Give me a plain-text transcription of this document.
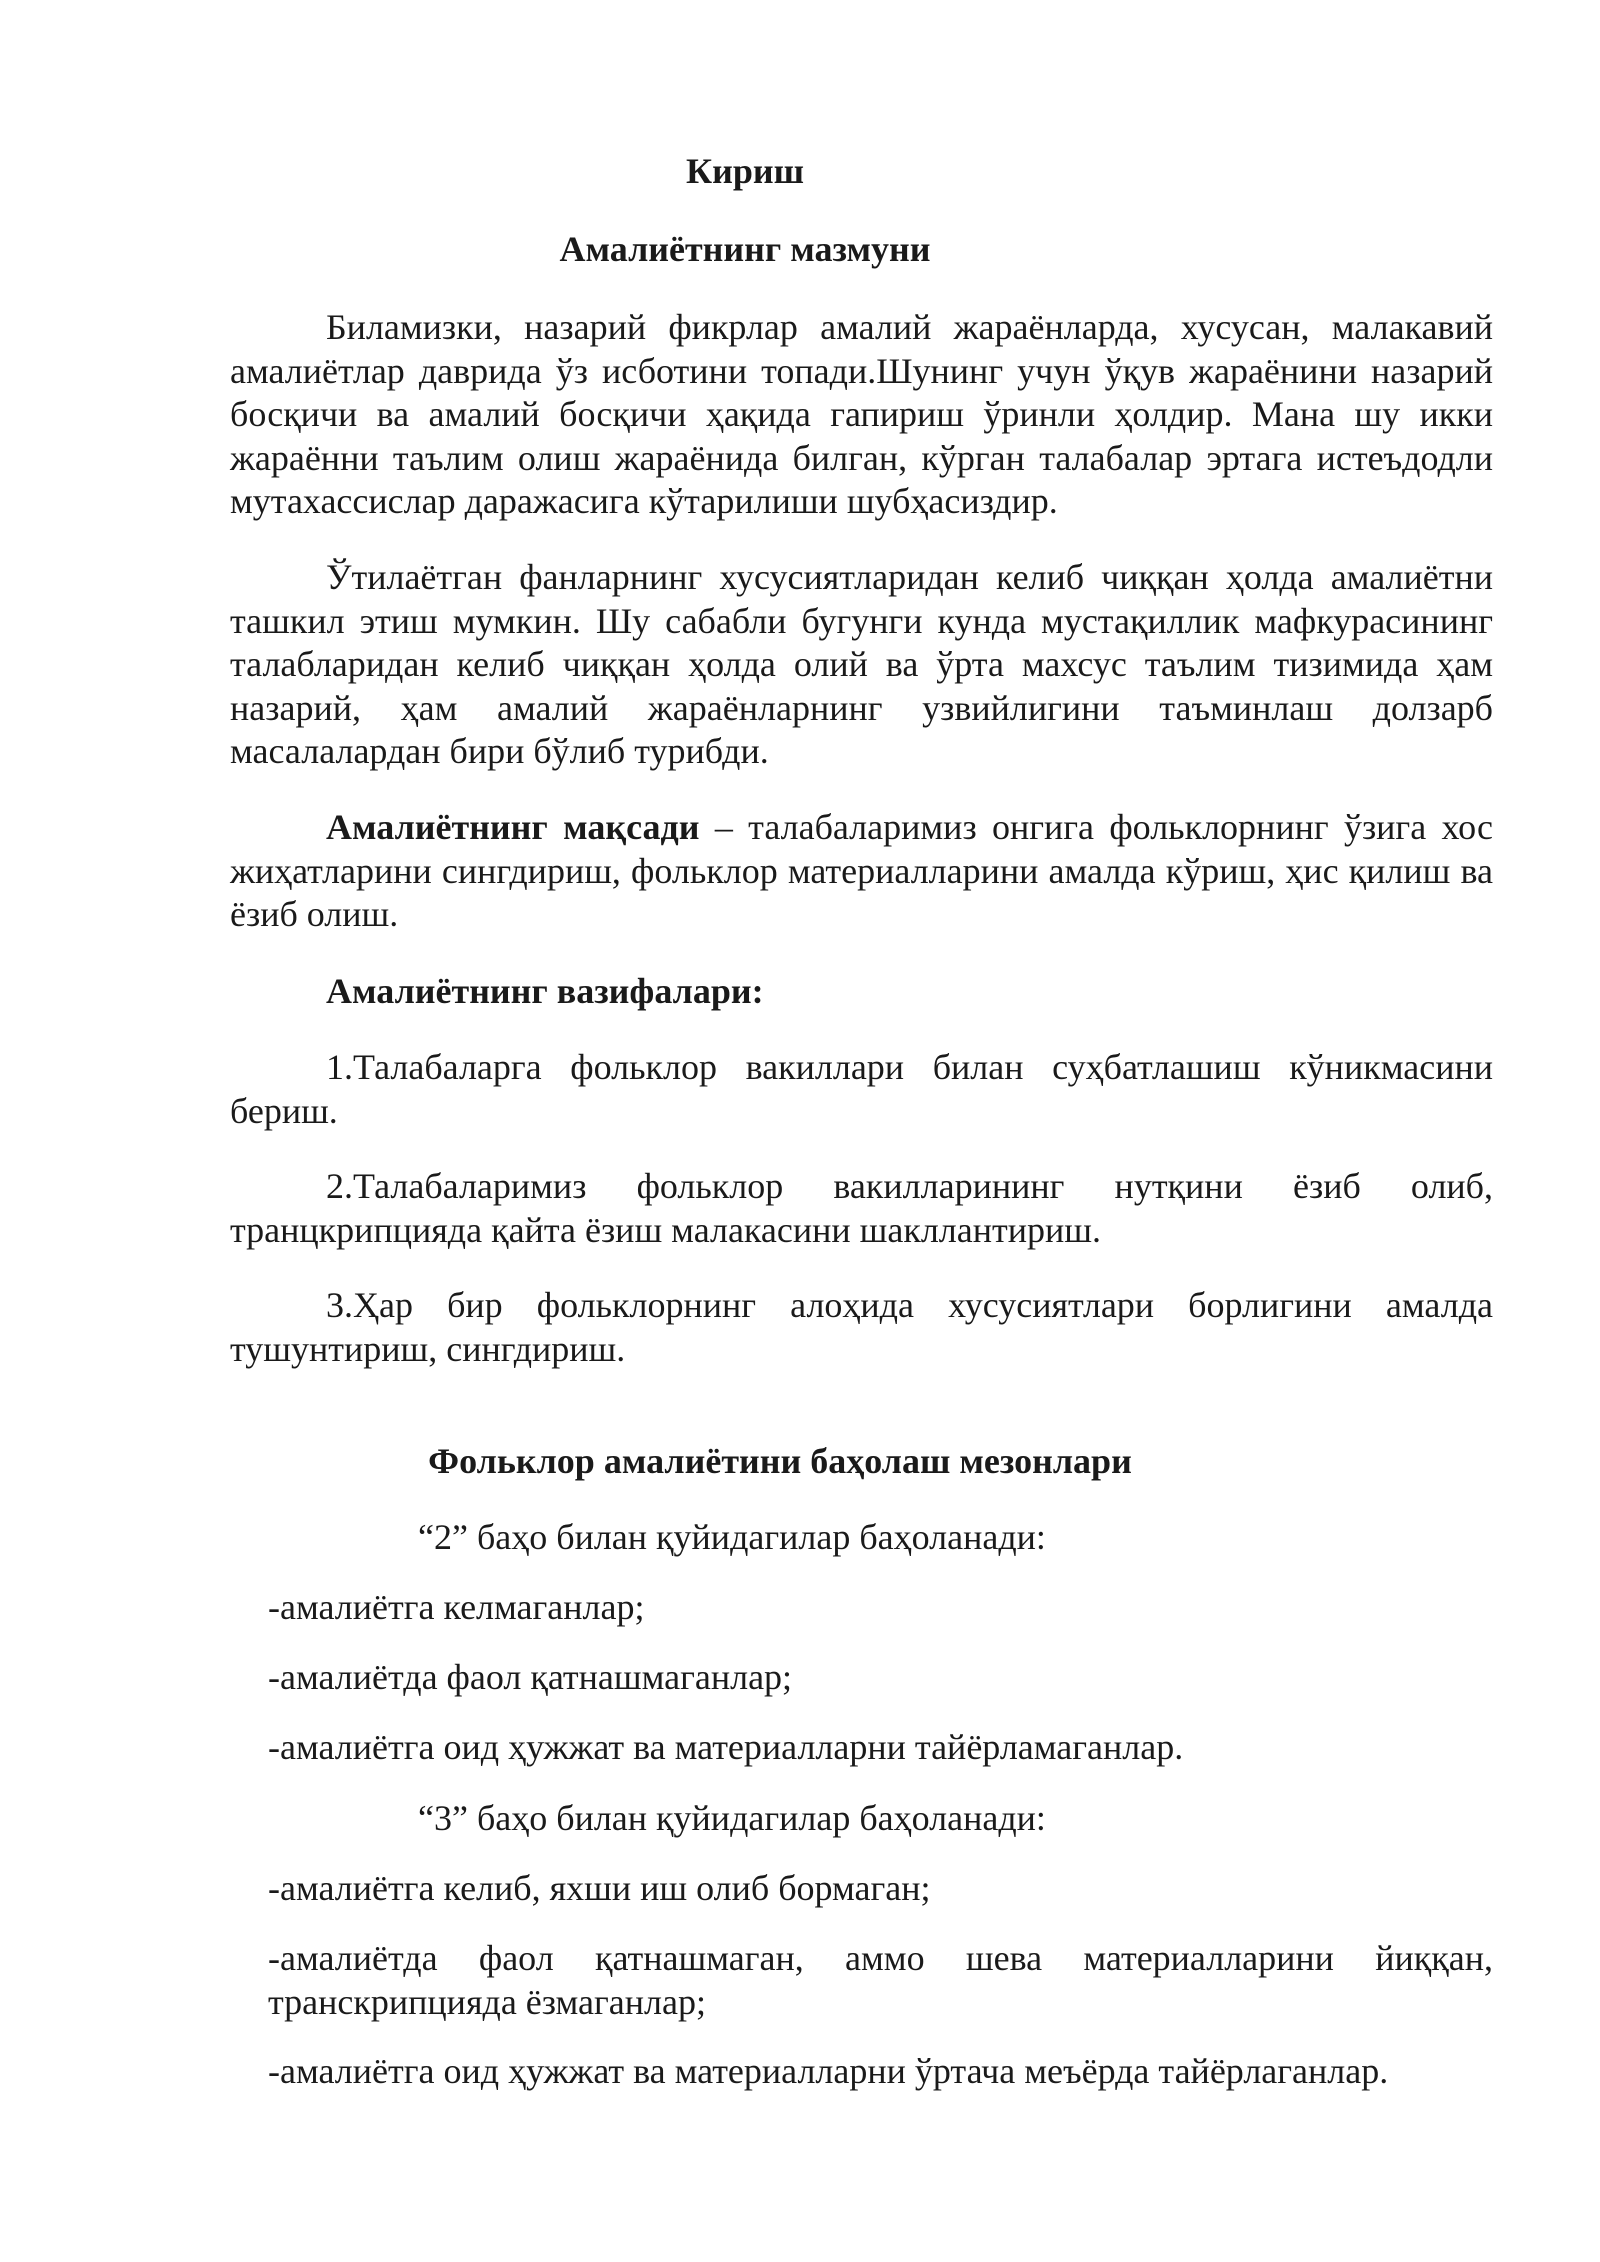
Кириш
Амалиётнинг мазмуни

Биламизки, назарий фикрлар амалий жараёнларда, хусусан, малакавий амалиётлар даврида ўз исботини топади.Шунинг учун ўқув жараёнини назарий босқичи ва амалий босқичи ҳақида гапириш ўринли ҳолдир. Мана шу икки жараённи таълим олиш жараёнида билган, кўрган талабалар эртага истеъдодли мутахассислар даражасига кўтарилиши шубҳасиздир.

Ўтилаётган фанларнинг хусусиятларидан келиб чиққан ҳолда амалиётни ташкил этиш мумкин. Шу сабабли бугунги кунда мустақиллик мафкурасининг талабларидан келиб чиққан ҳолда олий ва ўрта махсус таълим тизимида ҳам назарий, ҳам амалий жараёнларнинг узвийлигини таъминлаш долзарб масалалардан бири бўлиб турибди.

Амалиётнинг мақсади – талабаларимиз онгига фольклорнинг ўзига хос жиҳатларини сингдириш, фольклор материалларини амалда кўриш, ҳис қилиш ва ёзиб олиш.

Амалиётнинг вазифалари:

1.Талабаларга фольклор вакиллари билан суҳбатлашиш кўникмасини бериш.

2.Талабаларимиз фольклор вакилларининг нутқини ёзиб олиб, транцкрипцияда қайта ёзиш малакасини шакллантириш.

3.Ҳар бир фольклорнинг алоҳида хусусиятлари борлигини амалда тушунтириш, сингдириш.

Фольклор амалиётини баҳолаш мезонлари

“2” баҳо билан қуйидагилар баҳоланади:

-амалиётга келмаганлар;

-амалиётда фаол қатнашмаганлар;

-амалиётга оид ҳужжат ва материалларни тайёрламаганлар.

“3” баҳо билан қуйидагилар баҳоланади:

-амалиётга келиб, яхши иш олиб бормаган;

-амалиётда фаол қатнашмаган, аммо шева материалларини йиққан, транскрипцияда ёзмаганлар;

-амалиётга оид ҳужжат ва материалларни ўртача меъёрда тайёрлаганлар.
